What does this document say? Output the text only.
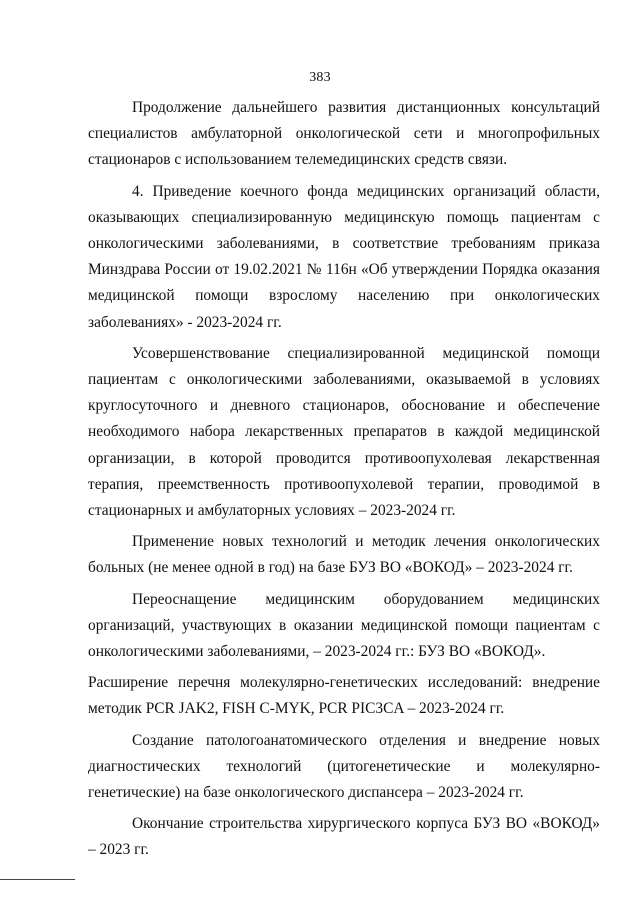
383

Продолжение дальнейшего развития дистанционных консультаций специалистов амбулаторной онкологической сети и многопрофильных стационаров с использованием телемедицинских средств связи.

4. Приведение коечного фонда медицинских организаций области, оказывающих специализированную медицинскую помощь пациентам с онкологическими заболеваниями, в соответствие требованиям приказа Минздрава России от 19.02.2021 № 116н «Об утверждении Порядка оказания медицинской помощи взрослому населению при онкологических заболеваниях» - 2023-2024 гг.

Усовершенствование специализированной медицинской помощи пациентам с онкологическими заболеваниями, оказываемой в условиях круглосуточного и дневного стационаров, обоснование и обеспечение необходимого набора лекарственных препаратов в каждой медицинской организации, в которой проводится противоопухолевая лекарственная терапия, преемственность противоопухолевой терапии, проводимой в стационарных и амбулаторных условиях – 2023-2024 гг.

Применение новых технологий и методик лечения онкологических больных (не менее одной в год) на базе БУЗ ВО «ВОКОД» – 2023-2024 гг.

Переоснащение медицинским оборудованием медицинских организаций, участвующих в оказании медицинской помощи пациентам с онкологическими заболеваниями, – 2023-2024 гг.: БУЗ ВО «ВОКОД».

Расширение перечня молекулярно-генетических исследований: внедрение методик PCR JAK2, FISH C-MYK, PCR PIC3CA – 2023-2024 гг.

Создание патологоанатомического отделения и внедрение новых диагностических технологий (цитогенетические и молекулярно-генетические) на базе онкологического диспансера – 2023-2024 гг.

Окончание строительства хирургического корпуса БУЗ ВО «ВОКОД» – 2023 гг.
